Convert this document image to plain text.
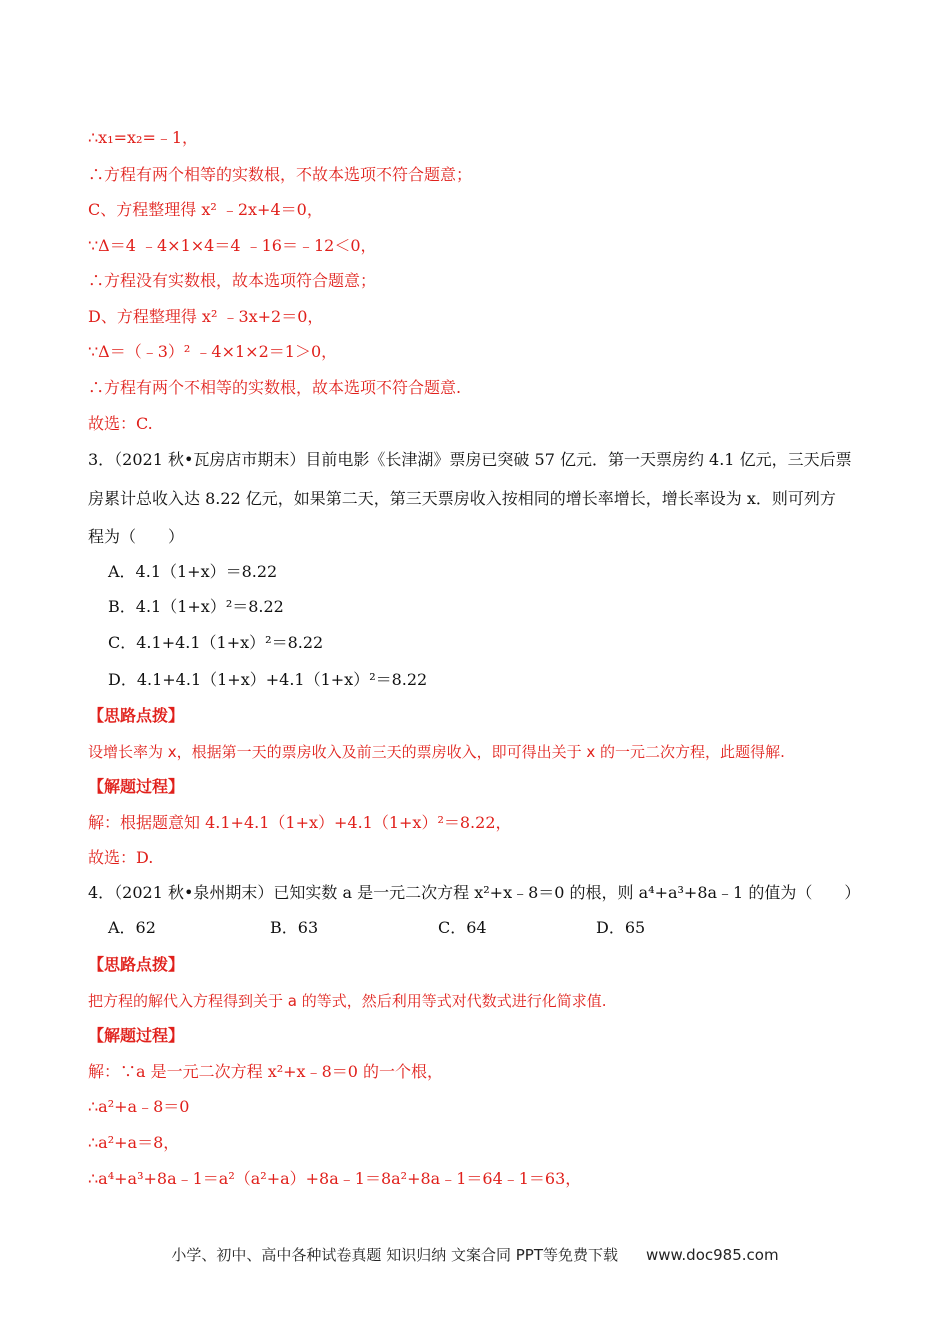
∴x₁=x₂=﹣1，
∴方程有两个相等的实数根，不故本选项不符合题意；
C、方程整理得 x² ﹣2x+4＝0，
∵Δ＝4 ﹣4×1×4＝4 ﹣16＝﹣12＜0，
∴方程没有实数根，故本选项符合题意；
D、方程整理得 x² ﹣3x+2＝0，
∵Δ＝（﹣3）² ﹣4×1×2＝1＞0，
∴方程有两个不相等的实数根，故本选项不符合题意.
故选：C.
3．（2021 秋•瓦房店市期末）目前电影《长津湖》票房已突破 57 亿元．第一天票房约 4.1 亿元，三天后票
房累计总收入达 8.22 亿元，如果第二天，第三天票房收入按相同的增长率增长，增长率设为 x．则可列方
程为（　　）
A．4.1（1+x）＝8.22
B．4.1（1+x）²＝8.22
C．4.1+4.1（1+x）²＝8.22
D．4.1+4.1（1+x）+4.1（1+x）²＝8.22
【思路点拨】
设增长率为 x，根据第一天的票房收入及前三天的票房收入，即可得出关于 x 的一元二次方程，此题得解.
【解题过程】
解：根据题意知 4.1+4.1（1+x）+4.1（1+x）²＝8.22，
故选：D.
4．（2021 秋•泉州期末）已知实数 a 是一元二次方程 x²+x﹣8＝0 的根，则 a⁴+a³+8a﹣1 的值为（　　）
A．62	B．63	C．64	D．65
【思路点拨】
把方程的解代入方程得到关于 a 的等式，然后利用等式对代数式进行化简求值.
【解题过程】
解：∵a 是一元二次方程 x²+x﹣8＝0 的一个根，
∴a²+a﹣8＝0
∴a²+a＝8，
∴a⁴+a³+8a﹣1＝a²（a²+a）+8a﹣1＝8a²+8a﹣1＝64﹣1＝63，
小学、初中、高中各种试卷真题 知识归纳 文案合同 PPT等免费下载 www.doc985.com
